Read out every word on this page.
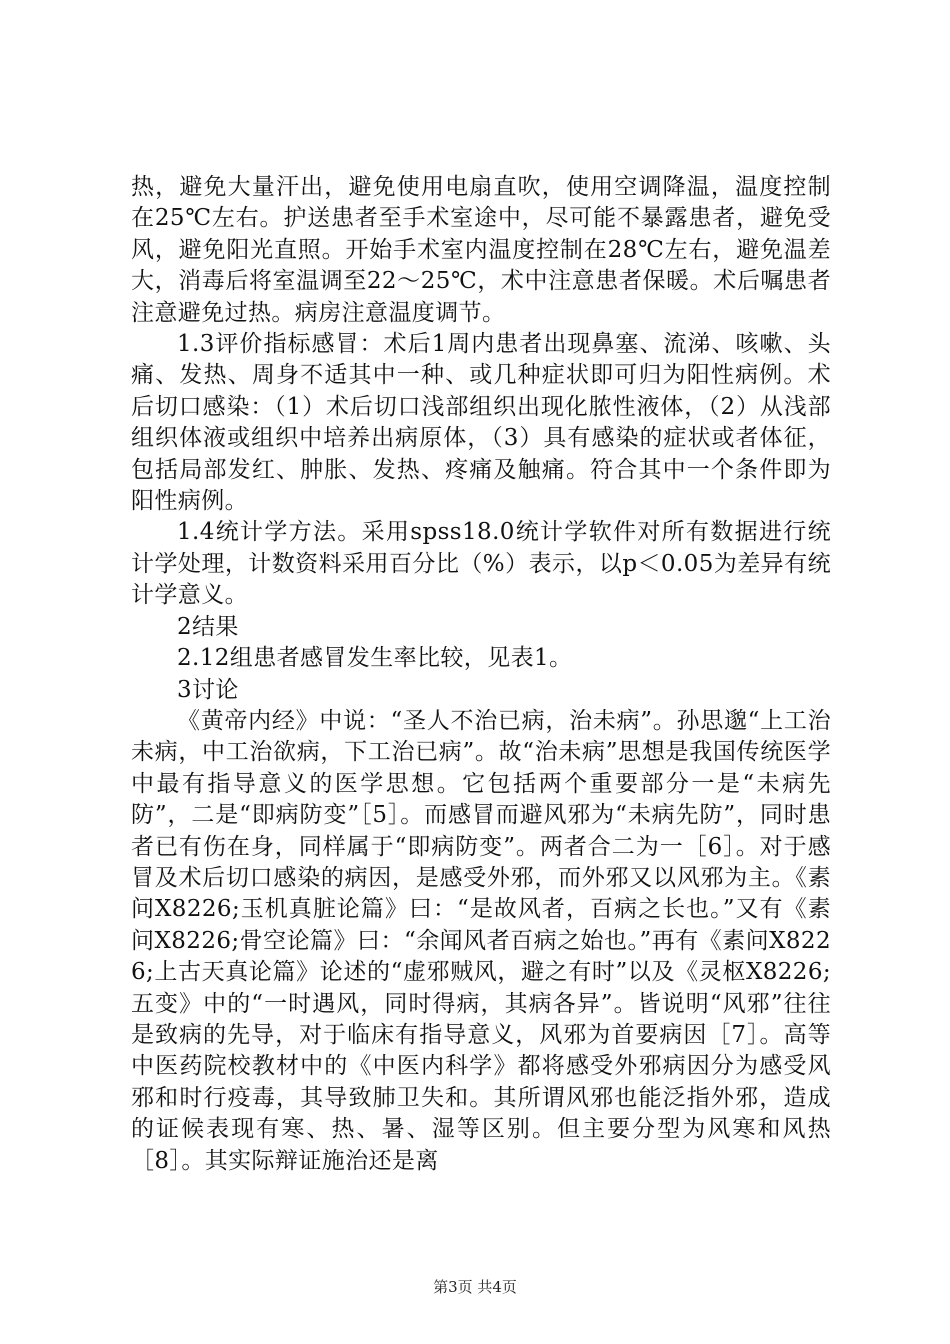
热，避免大量汗出，避免使用电扇直吹，使用空调降温，温度控制在25℃左右。护送患者至手术室途中，尽可能不暴露患者，避免受风，避免阳光直照。开始手术室内温度控制在28℃左右，避免温差大，消毒后将室温调至22～25℃，术中注意患者保暖。术后嘱患者注意避免过热。病房注意温度调节。

1.3评价指标感冒：术后1周内患者出现鼻塞、流涕、咳嗽、头痛、发热、周身不适其中一种、或几种症状即可归为阳性病例。术后切口感染：（1）术后切口浅部组织出现化脓性液体，（2）从浅部组织体液或组织中培养出病原体，（3）具有感染的症状或者体征，包括局部发红、肿胀、发热、疼痛及触痛。符合其中一个条件即为阳性病例。

1.4统计学方法。采用spss18.0统计学软件对所有数据进行统计学处理，计数资料采用百分比（%）表示，以p＜0.05为差异有统计学意义。

2结果

2.12组患者感冒发生率比较，见表1。

3讨论

《黄帝内经》中说：“圣人不治已病，治未病”。孙思邈“上工治未病，中工治欲病，下工治已病”。故“治未病”思想是我国传统医学中最有指导意义的医学思想。它包括两个重要部分一是“未病先防”，二是“即病防变”［5］。而感冒而避风邪为“未病先防”，同时患者已有伤在身，同样属于“即病防变”。两者合二为一［6］。对于感冒及术后切口感染的病因，是感受外邪，而外邪又以风邪为主。《素问X8226;玉机真脏论篇》曰：“是故风者，百病之长也。”又有《素问X8226;骨空论篇》曰：“余闻风者百病之始也。”再有《素问X8226;上古天真论篇》论述的“虚邪贼风，避之有时”以及《灵枢X8226;五变》中的“一时遇风，同时得病，其病各异”。皆说明“风邪”往往是致病的先导，对于临床有指导意义，风邪为首要病因［7］。高等中医药院校教材中的《中医内科学》都将感受外邪病因分为感受风邪和时行疫毒，其导致肺卫失和。其所谓风邪也能泛指外邪，造成的证候表现有寒、热、暑、湿等区别。但主要分型为风寒和风热［8］。其实际辩证施治还是离

第3页 共4页
